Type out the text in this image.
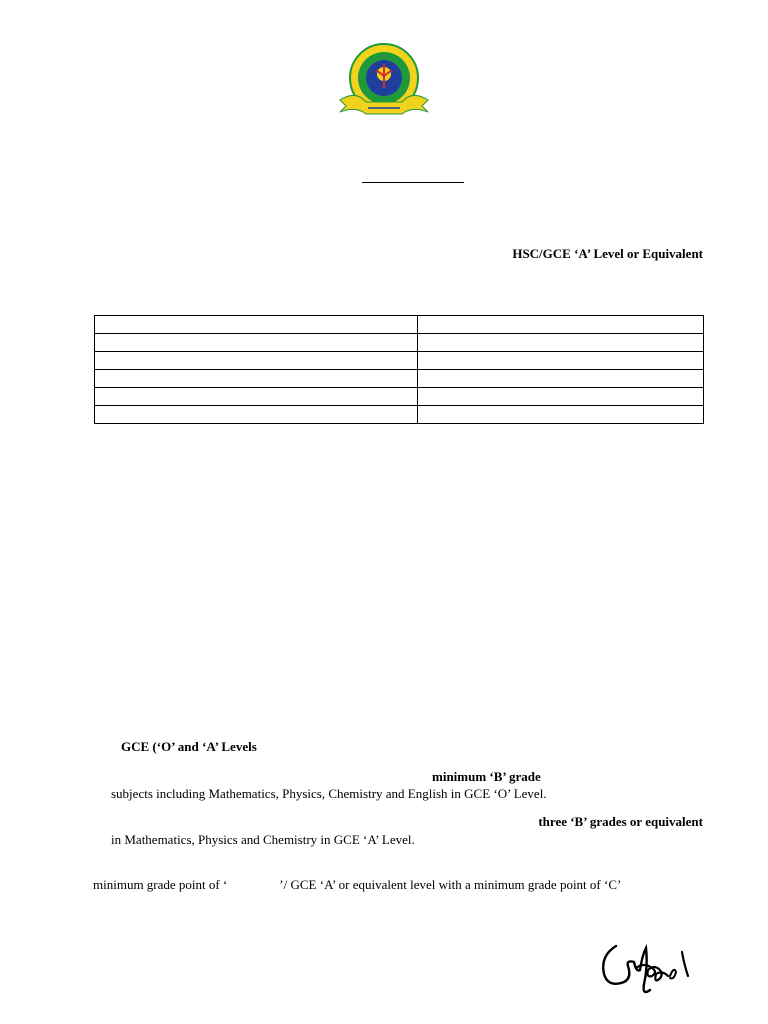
HSC/GCE ‘A’ Level or Equivalent

GCE (‘O’ and ‘A’ Levels
minimum ‘B’ grade
subjects including Mathematics, Physics, Chemistry and English in GCE ‘O’ Level.
three ‘B’ grades or equivalent
in Mathematics, Physics and Chemistry in GCE ‘A’ Level.
minimum grade point of ‘                ’/ GCE ‘A’ or equivalent level with a minimum grade point of ‘C’
